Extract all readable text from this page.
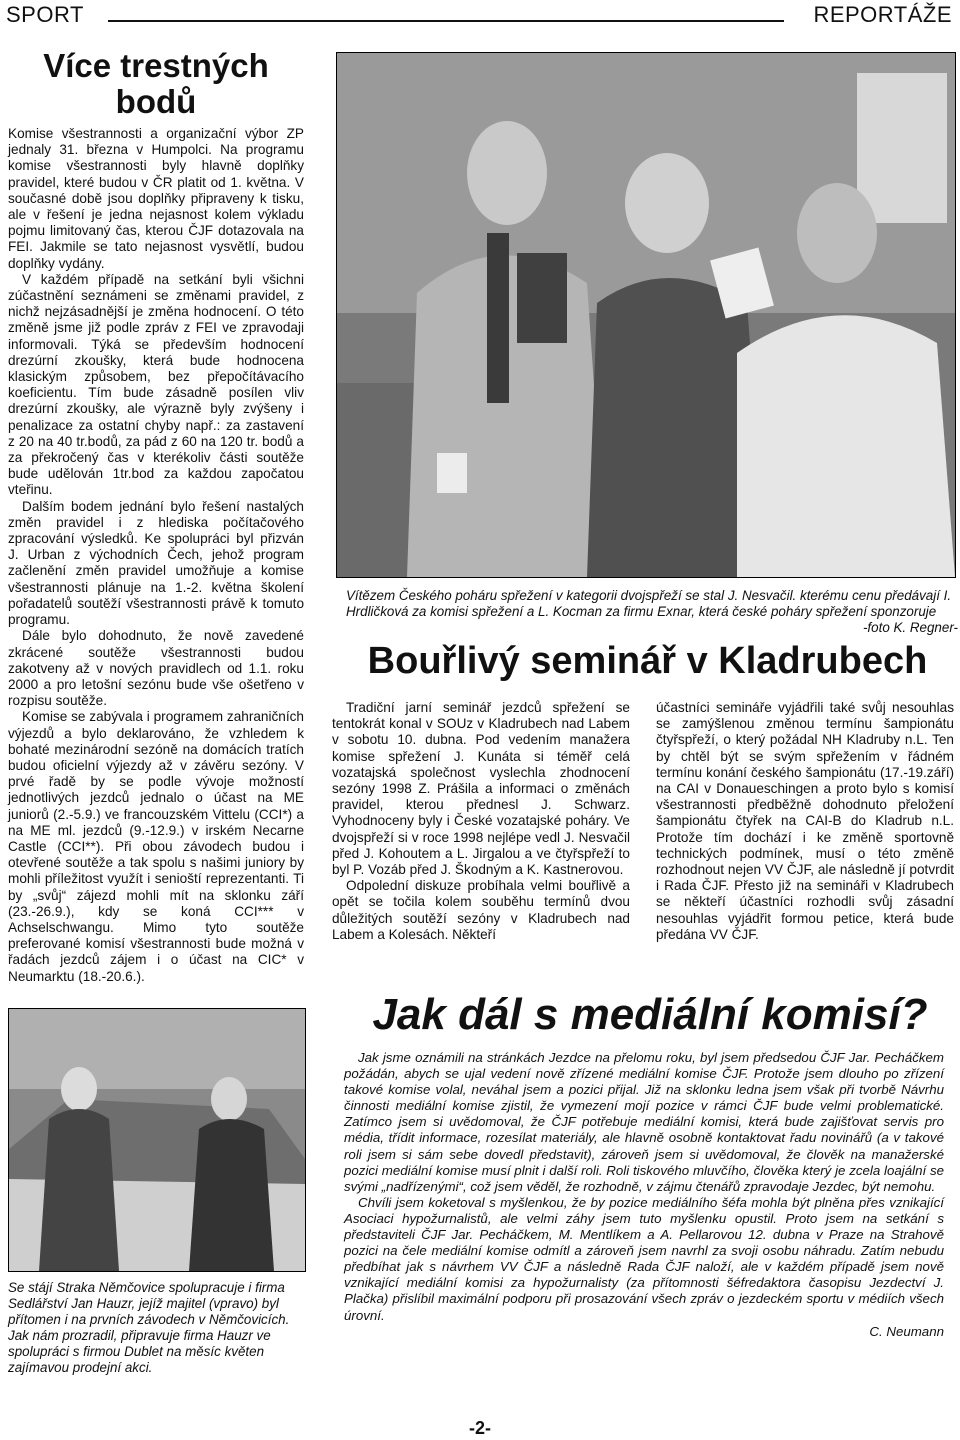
SPORT	REPORTÁŽE
Více trestných bodů

Komise všestrannosti a organizační výbor ZP jednaly 31. března v Humpolci. Na programu komise všestrannosti byly hlavně doplňky pravidel, které budou v ČR platit od 1. května. V současné době jsou doplňky připraveny k tisku, ale v řešení je jedna nejasnost kolem výkladu pojmu limitovaný čas, kterou ČJF dotazovala na FEI. Jakmile se tato nejasnost vysvětlí, budou doplňky vydány.

V každém případě na setkání byli všichni zúčastnění seznámeni se změnami pravidel, z nichž nejzásadnější je změna hodnocení. O této změně jsme již podle zpráv z FEI ve zpravodaji informovali. Týká se především hodnocení drezúrní zkoušky, která bude hodnocena klasickým způsobem, bez přepočítávacího koeficientu. Tím bude zásadně posílen vliv drezúrní zkoušky, ale výrazně byly zvýšeny i penalizace za ostatní chyby např.: za zastavení z 20 na 40 tr.bodů, za pád z 60 na 120 tr. bodů a za překročený čas v kterékoliv části soutěže bude udělován 1tr.bod za každou započatou vteřinu.

Dalším bodem jednání bylo řešení nastalých změn pravidel i z hlediska počítačového zpracování výsledků. Ke spolupráci byl přizván J. Urban z východních Čech, jehož program začlenění změn pravidel umožňuje a komise všestrannosti plánuje na 1.-2. května školení pořadatelů soutěží všestrannosti právě k tomuto programu.

Dále bylo dohodnuto, že nově zavedené zkrácené soutěže všestrannosti budou zakotveny až v nových pravidlech od 1.1. roku 2000 a pro letošní sezónu bude vše ošetřeno v rozpisu soutěže.

Komise se zabývala i programem zahraničních výjezdů a bylo deklarováno, že vzhledem k bohaté mezinárodní sezóně na domácích tratích budou oficielní výjezdy až v závěru sezóny. V prvé řadě by se podle vývoje možností jednotlivých jezdců jednalo o účast na ME juniorů (2.-5.9.) ve francouzském Vittelu (CCI*) a na ME ml. jezdců (9.-12.9.) v irském Necarne Castle (CCI**). Při obou závodech budou i otevřené soutěže a tak spolu s našimi juniory by mohli příležitost využít i senioští reprezentanti. Ti by „svůj“ zájezd mohli mít na sklonku září (23.-26.9.), kdy se koná CCI*** v Achselschwangu. Mimo tyto soutěže preferované komisí všestrannosti bude možná v řadách jezdců zájem i o účast na CIC* v Neumarktu (18.-20.6.).

Vítězem Českého poháru spřežení v kategorii dvojspřeží se stal J. Nesvačil. kterému cenu předávají I. Hrdličková za komisi spřežení a L. Kocman za firmu Exnar, která české poháry spřežení sponzoruje
-foto K. Regner-
Bouřlivý seminář v Kladrubech

Tradiční jarní seminář jezdců spřežení se tentokrát konal v SOUz v Kladrubech nad Labem v sobotu 10. dubna. Pod vedením manažera komise spřežení J. Kunáta si téměř celá vozatajská společnost vyslechla zhodnocení sezóny 1998 Z. Prášila a informaci o změnách pravidel, kterou přednesl J. Schwarz. Vyhodnoceny byly i České vozatajské poháry. Ve dvojspřeží si v roce 1998 nejlépe vedl J. Nesvačil před J. Kohoutem a L. Jirgalou a ve čtyřspřeží to byl P. Vozáb před J. Škodným a K. Kastnerovou.

Odpolední diskuze probíhala velmi bouřlivě a opět se točila kolem souběhu termínů dvou důležitých soutěží sezóny v Kladrubech nad Labem a Kolesách. Někteří

účastníci semináře vyjádřili také svůj nesouhlas se zamýšlenou změnou termínu šampionátu čtyřspřeží, o který požádal NH Kladruby n.L. Ten by chtěl být se svým spřežením v řádném termínu konání českého šampionátu (17.-19.září) na CAI v Donaueschingen a proto bylo s komisí všestrannosti předběžně dohodnuto přeložení šampionátu čtyřek na CAI-B do Kladrub n.L. Protože tím dochází i ke změně sportovně technických podmínek, musí o této změně rozhodnout nejen VV ČJF, ale následně jí potvrdit i Rada ČJF. Přesto již na semináři v Kladrubech se někteří účastníci rozhodli svůj zásadní nesouhlas vyjádřit formou petice, která bude předána VV ČJF.

Se stájí Straka Němčovice spolupracuje i firma Sedlářství Jan Hauzr, jejíž majitel (vpravo) byl přítomen i na prvních závodech v Němčovicích. Jak nám prozradil, připravuje firma Hauzr ve spolupráci s firmou Dublet na měsíc květen zajímavou prodejní akci.
Jak dál s mediální komisí?

Jak jsme oznámili na stránkách Jezdce na přelomu roku, byl jsem předsedou ČJF Jar. Pecháčkem požádán, abych se ujal vedení nově zřízené mediální komise ČJF. Protože jsem dlouho po zřízení takové komise volal, neváhal jsem a pozici přijal. Již na sklonku ledna jsem však při tvorbě Návrhu činnosti mediální komise zjistil, že vymezení mojí pozice v rámci ČJF bude velmi problematické. Zatímco jsem si uvědomoval, že ČJF potřebuje mediální komisi, která bude zajišťovat servis pro média, třídit informace, rozesílat materiály, ale hlavně osobně kontaktovat řadu novinářů (a v takové roli jsem si sám sebe dovedl představit), zároveň jsem si uvědomoval, že člověk na manažerské pozici mediální komise musí plnit i další roli. Roli tiskového mluvčího, člověka který je zcela loajální se svými „nadřízenými“, což jsem věděl, že rozhodně, v zájmu čtenářů zpravodaje Jezdec, být nemohu.

Chvíli jsem koketoval s myšlenkou, že by pozice mediálního šéfa mohla být plněna přes vznikající Asociaci hypožurnalistů, ale velmi záhy jsem tuto myšlenku opustil. Proto jsem na setkání s představiteli ČJF Jar. Pecháčkem, M. Mentlíkem a A. Pellarovou 12. dubna v Praze na Strahově pozici na čele mediální komise odmítl a zároveň jsem navrhl za svoji osobu náhradu. Zatím nebudu předbíhat jak s návrhem VV ČJF a následně Rada ČJF naloží, ale v každém případě jsem nově vznikající mediální komisi za hypožurnalisty (za přítomnosti šéfredaktora časopisu Jezdectví J. Plačka) přislíbil maximální podporu při prosazování všech zpráv o jezdeckém sportu v médiích všech úrovní.

C. Neumann
-2-
